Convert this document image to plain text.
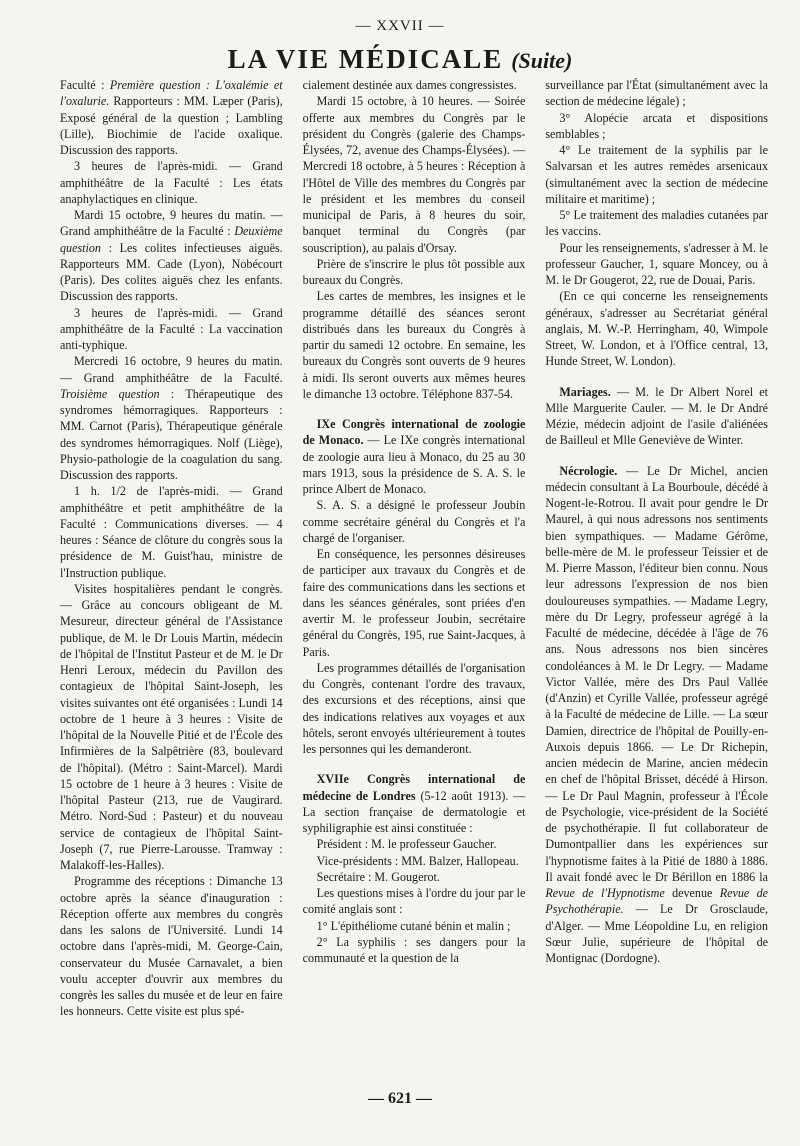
— XXVII —
LA VIE MÉDICALE (Suite)

Faculté : Première question : L'oxalémie et l'oxalurie. Rapporteurs : MM. Læper (Paris), Exposé général de la question ; Lambling (Lille), Biochimie de l'acide oxalique. Discussion des rapports.

3 heures de l'après-midi. — Grand amphithéâtre de la Faculté : Les états anaphylactiques en clinique.

Mardi 15 octobre, 9 heures du matin. — Grand amphithéâtre de la Faculté : Deuxième question : Les colites infectieuses aiguës. Rapporteurs MM. Cade (Lyon), Nobécourt (Paris). Des colites aiguës chez les enfants. Discussion des rapports.

3 heures de l'après-midi. — Grand amphithéâtre de la Faculté : La vaccination anti-typhique.

Mercredi 16 octobre, 9 heures du matin. — Grand amphithéâtre de la Faculté. Troisième question : Thérapeutique des syndromes hémorragiques. Rapporteurs : MM. Carnot (Paris), Thérapeutique générale des syndromes hémorragiques. Nolf (Liège), Physio-pathologie de la coagulation du sang. Discussion des rapports.

1 h. 1/2 de l'après-midi. — Grand amphithéâtre et petit amphithéâtre de la Faculté : Communications diverses. — 4 heures : Séance de clôture du congrès sous la présidence de M. Guist'hau, ministre de l'Instruction publique.

Visites hospitalières pendant le congrès. — Grâce au concours obligeant de M. Mesureur, directeur général de l'Assistance publique, de M. le Dr Louis Martin, médecin de l'hôpital de l'Institut Pasteur et de M. le Dr Henri Leroux, médecin du Pavillon des contagieux de l'hôpital Saint-Joseph, les visites suivantes ont été organisées : Lundi 14 octobre de 1 heure à 3 heures : Visite de l'hôpital de la Nouvelle Pitié et de l'École des Infirmières de la Salpêtrière (83, boulevard de l'hôpital). (Métro : Saint-Marcel). Mardi 15 octobre de 1 heure à 3 heures : Visite de l'hôpital Pasteur (213, rue de Vaugirard. Métro. Nord-Sud : Pasteur) et du nouveau service de contagieux de l'hôpital Saint-Joseph (7, rue Pierre-Larousse. Tramway : Malakoff-les-Halles).

Programme des réceptions : Dimanche 13 octobre après la séance d'inauguration : Réception offerte aux membres du congrès dans les salons de l'Université. Lundi 14 octobre dans l'après-midi, M. George-Cain, conservateur du Musée Carnavalet, a bien voulu accepter d'ouvrir aux membres du congrès les salles du musée et de leur en faire les honneurs. Cette visite est plus spé-

cialement destinée aux dames congressistes.

Mardi 15 octobre, à 10 heures. — Soirée offerte aux membres du Congrès par le président du Congrès (galerie des Champs-Élysées, 72, avenue des Champs-Élysées). — Mercredi 18 octobre, à 5 heures : Réception à l'Hôtel de Ville des membres du Congrès par le président et les membres du conseil municipal de Paris, à 8 heures du soir, banquet terminal du Congrès (par souscription), au palais d'Orsay.

Prière de s'inscrire le plus tôt possible aux bureaux du Congrès.

Les cartes de membres, les insignes et le programme détaillé des séances seront distribués dans les bureaux du Congrès à partir du samedi 12 octobre. En semaine, les bureaux du Congrès sont ouverts de 9 heures à midi. Ils seront ouverts aux mêmes heures le dimanche 13 octobre. Téléphone 837-54.

IXe Congrès international de zoologie de Monaco. — Le IXe congrès international de zoologie aura lieu à Monaco, du 25 au 30 mars 1913, sous la présidence de S. A. S. le prince Albert de Monaco.

S. A. S. a désigné le professeur Joubin comme secrétaire général du Congrès et l'a chargé de l'organiser.

En conséquence, les personnes désireuses de participer aux travaux du Congrès et de faire des communications dans les sections et dans les séances générales, sont priées d'en avertir M. le professeur Joubin, secrétaire général du Congrès, 195, rue Saint-Jacques, à Paris.

Les programmes détaillés de l'organisation du Congrès, contenant l'ordre des travaux, des excursions et des réceptions, ainsi que des indications relatives aux voyages et aux hôtels, seront envoyés ultérieurement à toutes les personnes qui les demanderont.

XVIIe Congrès international de médecine de Londres (5-12 août 1913). — La section française de dermatologie et syphiligraphie est ainsi constituée :

Président : M. le professeur Gaucher.

Vice-présidents : MM. Balzer, Hallopeau.

Secrétaire : M. Gougerot.

Les questions mises à l'ordre du jour par le comité anglais sont :

1° L'épithéliome cutané bénin et malin ;

2° La syphilis : ses dangers pour la communauté et la question de la

surveillance par l'État (simultanément avec la section de médecine légale) ;

3° Alopécie arcata et dispositions semblables ;

4° Le traitement de la syphilis par le Salvarsan et les autres remèdes arsenicaux (simultanément avec la section de médecine militaire et maritime) ;

5° Le traitement des maladies cutanées par les vaccins.

Pour les renseignements, s'adresser à M. le professeur Gaucher, 1, square Moncey, ou à M. le Dr Gougerot, 22, rue de Douai, Paris.

(En ce qui concerne les renseignements généraux, s'adresser au Secrétariat général anglais, M. W.-P. Herringham, 40, Wimpole Street, W. London, et à l'Office central, 13, Hunde Street, W. London).

Mariages. — M. le Dr Albert Norel et Mlle Marguerite Cauler. — M. le Dr André Mézie, médecin adjoint de l'asile d'aliénées de Bailleul et Mlle Geneviève de Winter.

Nécrologie. — Le Dr Michel, ancien médecin consultant à La Bourboule, décédé à Nogent-le-Rotrou. Il avait pour gendre le Dr Maurel, à qui nous adressons nos sentiments bien sympathiques. — Madame Gérôme, belle-mère de M. le professeur Teissier et de M. Pierre Masson, l'éditeur bien connu. Nous leur adressons l'expression de nos bien douloureuses sympathies. — Madame Legry, mère du Dr Legry, professeur agrégé à la Faculté de médecine, décédée à l'âge de 76 ans. Nous adressons nos bien sincères condoléances à M. le Dr Legry. — Madame Victor Vallée, mère des Drs Paul Vallée (d'Anzin) et Cyrille Vallée, professeur agrégé à la Faculté de médecine de Lille. — La sœur Damien, directrice de l'hôpital de Pouilly-en-Auxois depuis 1866. — Le Dr Richepin, ancien médecin de Marine, ancien médecin en chef de l'hôpital Brisset, décédé à Hirson. — Le Dr Paul Magnin, professeur à l'École de Psychologie, vice-président de la Société de psychothérapie. Il fut collaborateur de Dumontpallier dans les expériences sur l'hypnotisme faites à la Pitié de 1880 à 1886. Il avait fondé avec le Dr Bérillon en 1886 la Revue de l'Hypnotisme devenue Revue de Psychothérapie. — Le Dr Grosclaude, d'Alger. — Mme Léopoldine Lu, en religion Sœur Julie, supérieure de l'hôpital de Montignac (Dordogne).

— 621 —
